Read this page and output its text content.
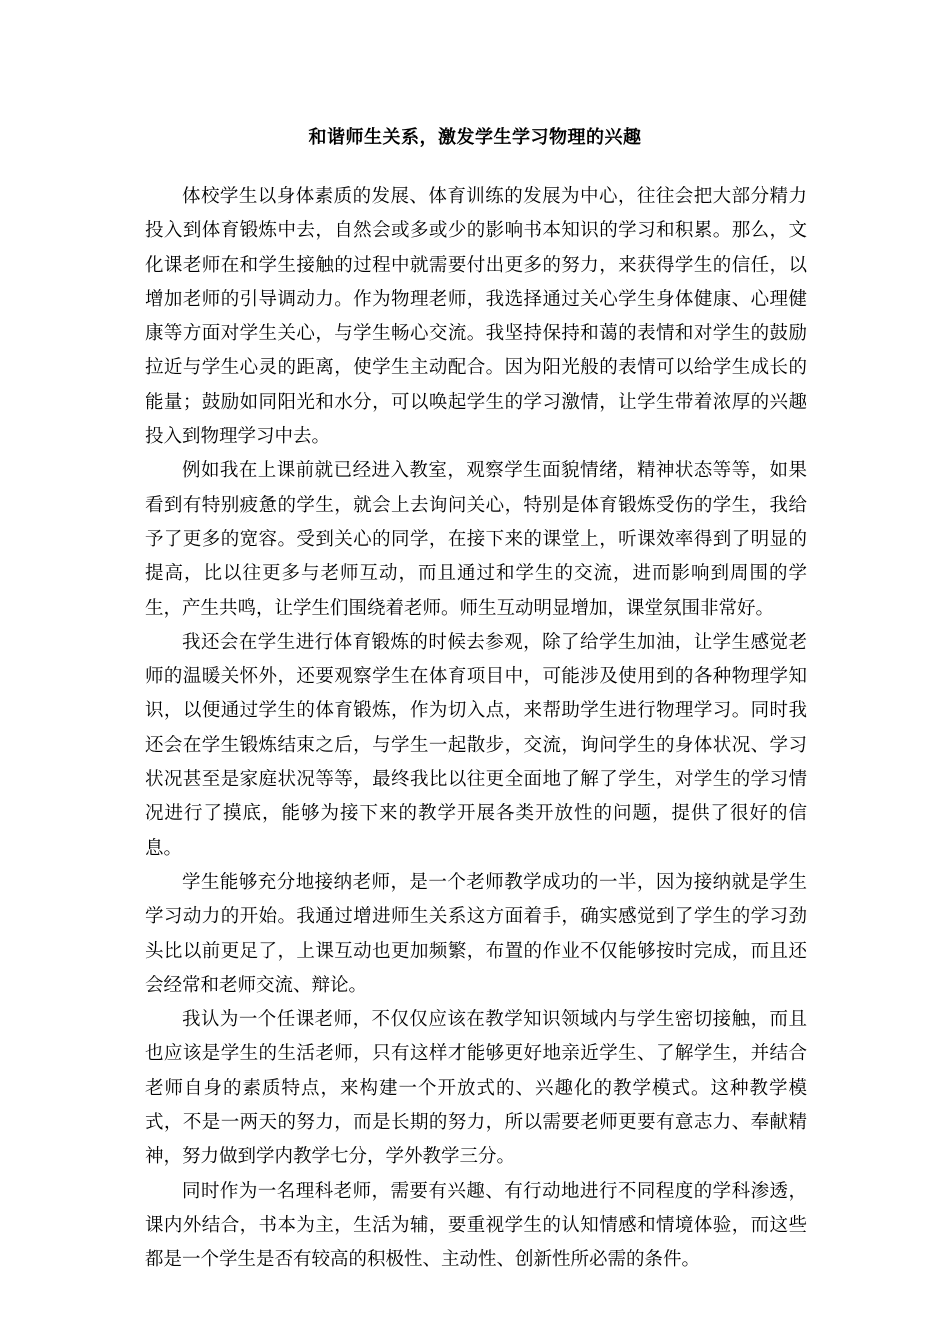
和谐师生关系，激发学生学习物理的兴趣

体校学生以身体素质的发展、体育训练的发展为中心，往往会把大部分精力投入到体育锻炼中去，自然会或多或少的影响书本知识的学习和积累。那么，文化课老师在和学生接触的过程中就需要付出更多的努力，来获得学生的信任，以增加老师的引导调动力。作为物理老师，我选择通过关心学生身体健康、心理健康等方面对学生关心，与学生畅心交流。我坚持保持和蔼的表情和对学生的鼓励拉近与学生心灵的距离，使学生主动配合。因为阳光般的表情可以给学生成长的能量；鼓励如同阳光和水分，可以唤起学生的学习激情，让学生带着浓厚的兴趣投入到物理学习中去。

例如我在上课前就已经进入教室，观察学生面貌情绪，精神状态等等，如果看到有特别疲惫的学生，就会上去询问关心，特别是体育锻炼受伤的学生，我给予了更多的宽容。受到关心的同学，在接下来的课堂上，听课效率得到了明显的提高，比以往更多与老师互动，而且通过和学生的交流，进而影响到周围的学生，产生共鸣，让学生们围绕着老师。师生互动明显增加，课堂氛围非常好。

我还会在学生进行体育锻炼的时候去参观，除了给学生加油，让学生感觉老师的温暖关怀外，还要观察学生在体育项目中，可能涉及使用到的各种物理学知识，以便通过学生的体育锻炼，作为切入点，来帮助学生进行物理学习。同时我还会在学生锻炼结束之后，与学生一起散步，交流，询问学生的身体状况、学习状况甚至是家庭状况等等，最终我比以往更全面地了解了学生，对学生的学习情况进行了摸底，能够为接下来的教学开展各类开放性的问题，提供了很好的信息。

学生能够充分地接纳老师，是一个老师教学成功的一半，因为接纳就是学生学习动力的开始。我通过增进师生关系这方面着手，确实感觉到了学生的学习劲头比以前更足了，上课互动也更加频繁，布置的作业不仅能够按时完成，而且还会经常和老师交流、辩论。

我认为一个任课老师，不仅仅应该在教学知识领域内与学生密切接触，而且也应该是学生的生活老师，只有这样才能够更好地亲近学生、了解学生，并结合老师自身的素质特点，来构建一个开放式的、兴趣化的教学模式。这种教学模式，不是一两天的努力，而是长期的努力，所以需要老师更要有意志力、奉献精神，努力做到学内教学七分，学外教学三分。

同时作为一名理科老师，需要有兴趣、有行动地进行不同程度的学科渗透，课内外结合，书本为主，生活为辅，要重视学生的认知情感和情境体验，而这些都是一个学生是否有较高的积极性、主动性、创新性所必需的条件。
